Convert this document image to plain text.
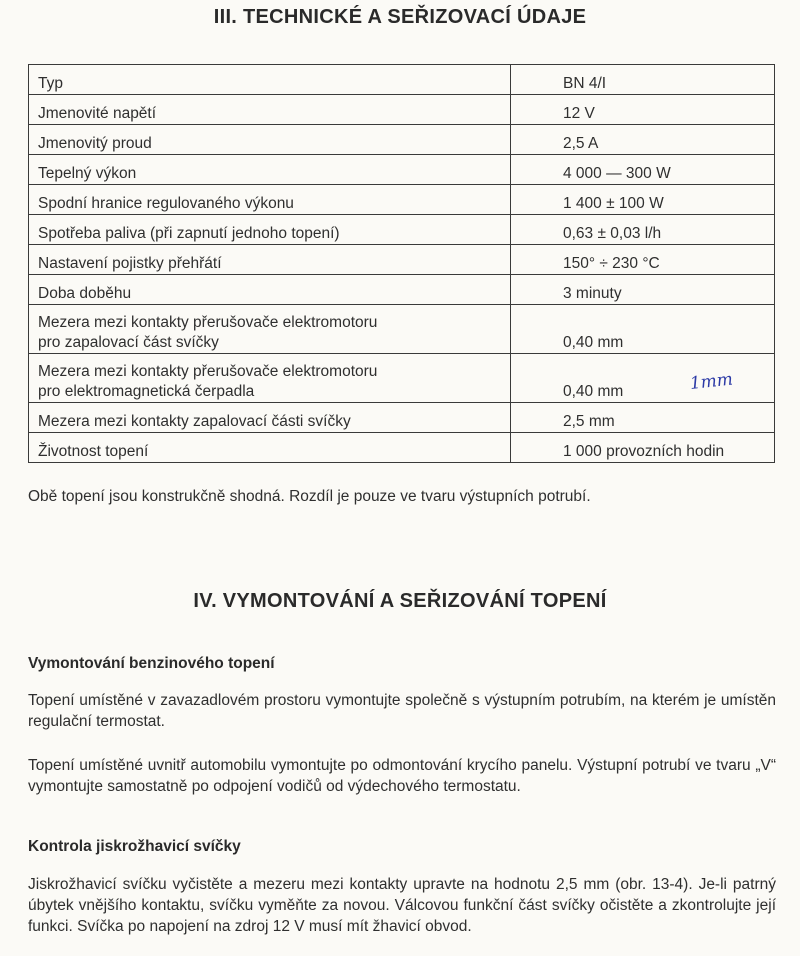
III. TECHNICKÉ A SEŘIZOVACÍ ÚDAJE
Typ	BN 4/I
Jmenovité napětí	12 V
Jmenovitý proud	2,5 A
Tepelný výkon	4 000 — 300 W
Spodní hranice regulovaného výkonu	1 400 ± 100 W
Spotřeba paliva (při zapnutí jednoho topení)	0,63 ± 0,03 l/h
Nastavení pojistky přehřátí	150° ÷ 230 °C
Doba doběhu	3 minuty

Mezera mezi kontakty přerušovače elektromotoru
pro zapalovací část svíčky	0,40 mm

Mezera mezi kontakty přerušovače elektromotoru
pro elektromagnetická čerpadla	0,40 mm
Mezera mezi kontakty zapalovací části svíčky	2,5 mm
Životnost topení	1 000 provozních hodin
1mm
Obě topení jsou konstrukčně shodná. Rozdíl je pouze ve tvaru výstupních potrubí.
IV. VYMONTOVÁNÍ A SEŘIZOVÁNÍ TOPENÍ
Vymontování benzinového topení
Topení umístěné v zavazadlovém prostoru vymontujte společně s výstupním potrubím, na kterém je umístěn regulační termostat.
Topení umístěné uvnitř automobilu vymontujte po odmontování krycího panelu. Výstupní potrubí ve tvaru „V“ vymontujte samostatně po odpojení vodičů od výdechového termostatu.
Kontrola jiskrožhavicí svíčky
Jiskrožhavicí svíčku vyčistěte a mezeru mezi kontakty upravte na hodnotu 2,5 mm (obr. 13-4). Je-li patrný úbytek vnějšího kontaktu, svíčku vyměňte za novou. Válcovou funkční část svíčky očistěte a zkontrolujte její funkci. Svíčka po napojení na zdroj 12 V musí mít žhavicí obvod.
